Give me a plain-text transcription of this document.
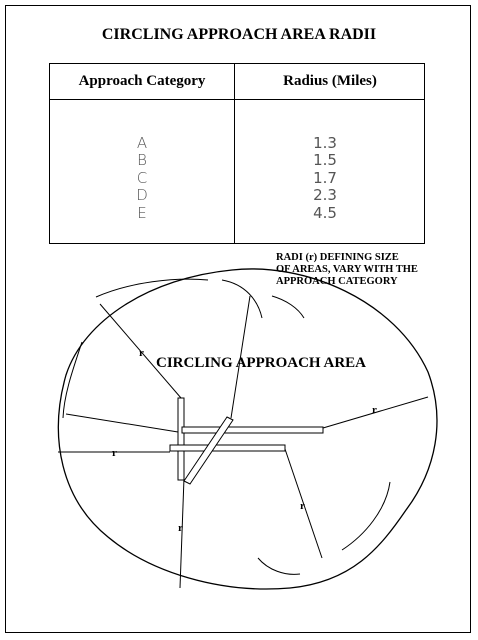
CIRCLING APPROACH AREA RADII
Approach Category	Radius (Miles)
A
B
C
D
E
1.3
1.5
1.7
2.3
4.5
RADI (r) DEFINING SIZE
OF AREAS, VARY WITH THE
APPROACH CATEGORY
CIRCLING APPROACH AREA
r
r
r
r
r
